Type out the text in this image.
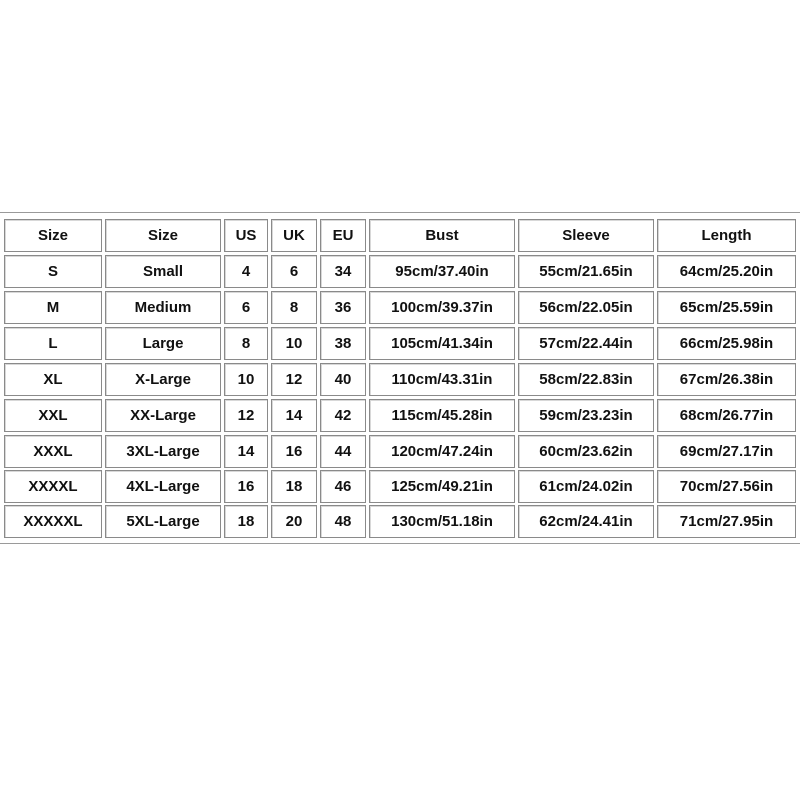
Size	Size	US	UK	EU	Bust	Sleeve	Length
S	Small	4	6	34	95cm/37.40in	55cm/21.65in	64cm/25.20in
M	Medium	6	8	36	100cm/39.37in	56cm/22.05in	65cm/25.59in
L	Large	8	10	38	105cm/41.34in	57cm/22.44in	66cm/25.98in
XL	X-Large	10	12	40	110cm/43.31in	58cm/22.83in	67cm/26.38in
XXL	XX-Large	12	14	42	115cm/45.28in	59cm/23.23in	68cm/26.77in
XXXL	3XL-Large	14	16	44	120cm/47.24in	60cm/23.62in	69cm/27.17in
XXXXL	4XL-Large	16	18	46	125cm/49.21in	61cm/24.02in	70cm/27.56in
XXXXXL	5XL-Large	18	20	48	130cm/51.18in	62cm/24.41in	71cm/27.95in
